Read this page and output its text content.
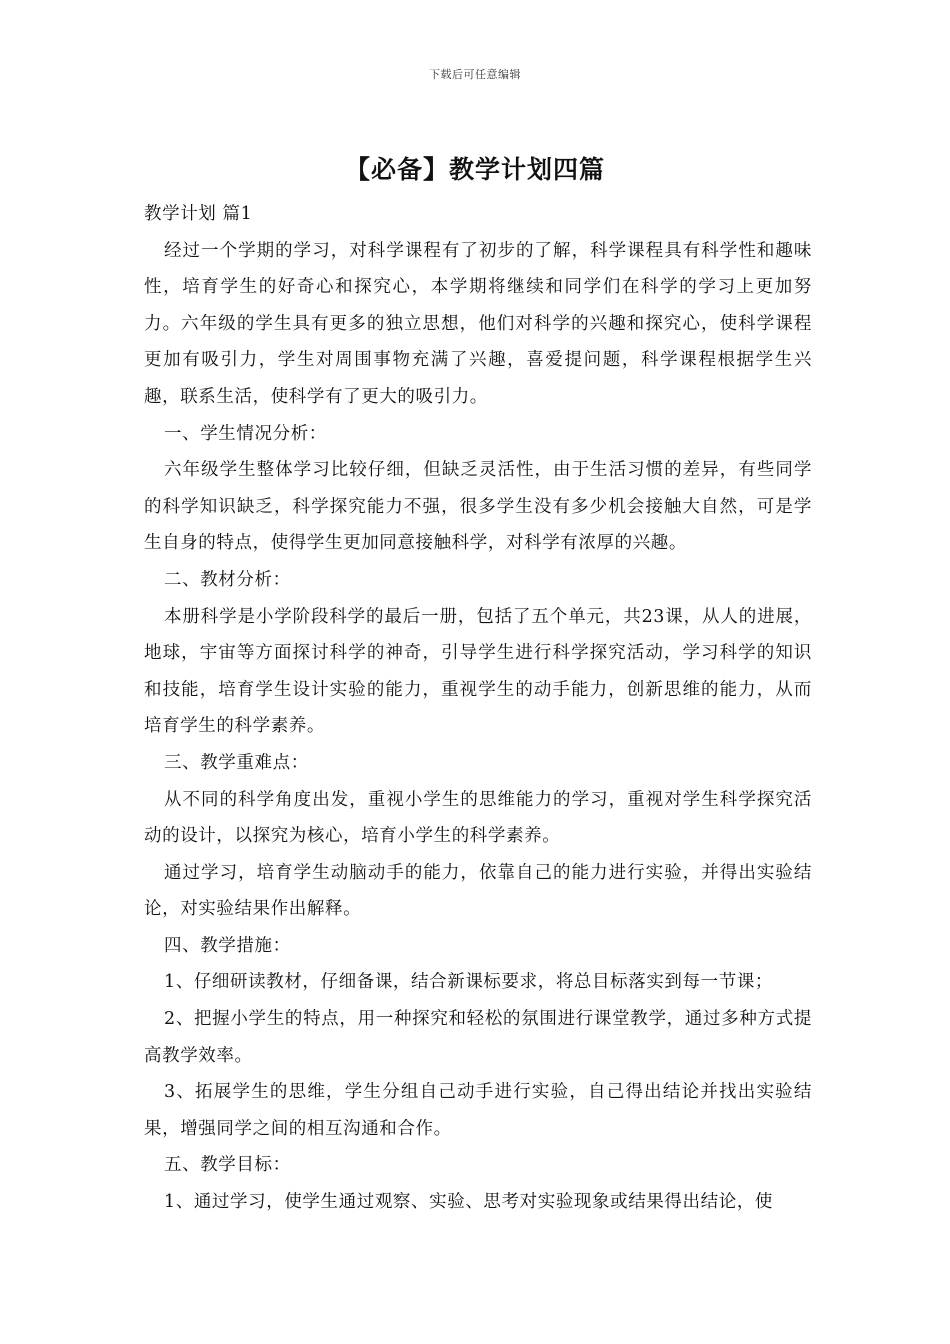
下载后可任意编辑
【必备】教学计划四篇

教学计划 篇1

经过一个学期的学习，对科学课程有了初步的了解，科学课程具有科学性和趣味性，培育学生的好奇心和探究心，本学期将继续和同学们在科学的学习上更加努力。六年级的学生具有更多的独立思想，他们对科学的兴趣和探究心，使科学课程更加有吸引力，学生对周围事物充满了兴趣，喜爱提问题，科学课程根据学生兴趣，联系生活，使科学有了更大的吸引力。

一、学生情况分析：

六年级学生整体学习比较仔细，但缺乏灵活性，由于生活习惯的差异，有些同学的科学知识缺乏，科学探究能力不强，很多学生没有多少机会接触大自然，可是学生自身的特点，使得学生更加同意接触科学，对科学有浓厚的兴趣。

二、教材分析：

本册科学是小学阶段科学的最后一册，包括了五个单元，共23课，从人的进展，地球，宇宙等方面探讨科学的神奇，引导学生进行科学探究活动，学习科学的知识和技能，培育学生设计实验的能力，重视学生的动手能力，创新思维的能力，从而培育学生的科学素养。

三、教学重难点：

从不同的科学角度出发，重视小学生的思维能力的学习，重视对学生科学探究活动的设计，以探究为核心，培育小学生的科学素养。

通过学习，培育学生动脑动手的能力，依靠自己的能力进行实验，并得出实验结论，对实验结果作出解释。

四、教学措施：

1、仔细研读教材，仔细备课，结合新课标要求，将总目标落实到每一节课；

2、把握小学生的特点，用一种探究和轻松的氛围进行课堂教学，通过多种方式提高教学效率。

3、拓展学生的思维，学生分组自己动手进行实验，自己得出结论并找出实验结果，增强同学之间的相互沟通和合作。

五、教学目标：

1、通过学习，使学生通过观察、实验、思考对实验现象或结果得出结论，使
